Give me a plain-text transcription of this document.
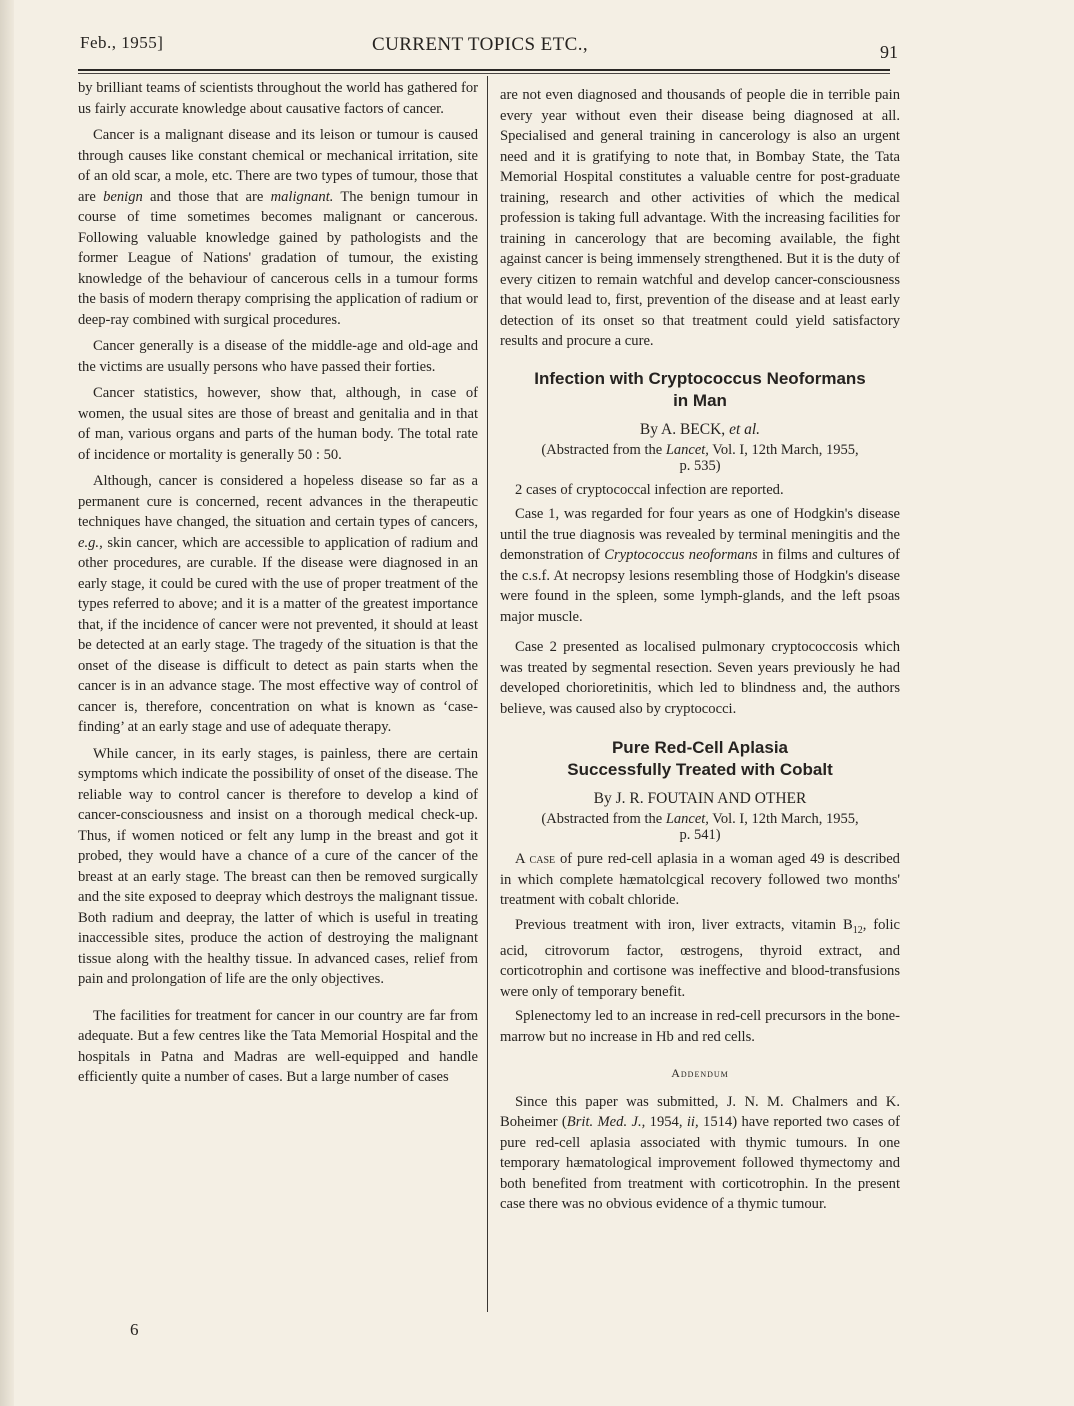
Feb., 1955]	CURRENT TOPICS ETC.,	91

by brilliant teams of scientists throughout the world has gathered for us fairly accurate knowledge about causative factors of cancer.

Cancer is a malignant disease and its leison or tumour is caused through causes like constant chemical or mechanical irritation, site of an old scar, a mole, etc. There are two types of tumour, those that are benign and those that are malignant. The benign tumour in course of time sometimes becomes malignant or cancerous. Following valuable knowledge gained by pathologists and the former League of Nations' gradation of tumour, the existing knowledge of the behaviour of cancerous cells in a tumour forms the basis of modern therapy comprising the application of radium or deep-ray combined with surgical procedures.

Cancer generally is a disease of the middle-age and old-age and the victims are usually persons who have passed their forties.

Cancer statistics, however, show that, although, in case of women, the usual sites are those of breast and genitalia and in that of man, various organs and parts of the human body. The total rate of incidence or mortality is generally 50 : 50.

Although, cancer is considered a hopeless disease so far as a permanent cure is concerned, recent advances in the therapeutic techniques have changed, the situation and certain types of cancers, e.g., skin cancer, which are accessible to application of radium and other procedures, are curable. If the disease were diagnosed in an early stage, it could be cured with the use of proper treatment of the types referred to above; and it is a matter of the greatest importance that, if the incidence of cancer were not prevented, it should at least be detected at an early stage. The tragedy of the situation is that the onset of the disease is difficult to detect as pain starts when the cancer is in an advance stage. The most effective way of control of cancer is, therefore, concentration on what is known as ‘case-finding’ at an early stage and use of adequate therapy.

While cancer, in its early stages, is painless, there are certain symptoms which indicate the possibility of onset of the disease. The reliable way to control cancer is therefore to develop a kind of cancer-consciousness and insist on a thorough medical check-up. Thus, if women noticed or felt any lump in the breast and got it probed, they would have a chance of a cure of the cancer of the breast at an early stage. The breast can then be removed surgically and the site exposed to deepray which destroys the malignant tissue. Both radium and deepray, the latter of which is useful in treating inaccessible sites, produce the action of destroying the malignant tissue along with the healthy tissue. In advanced cases, relief from pain and prolongation of life are the only objectives.

The facilities for treatment for cancer in our country are far from adequate. But a few centres like the Tata Memorial Hospital and the hospitals in Patna and Madras are well-equipped and handle efficiently quite a number of cases. But a large number of cases

are not even diagnosed and thousands of people die in terrible pain every year without even their disease being diagnosed at all. Specialised and general training in cancerology is also an urgent need and it is gratifying to note that, in Bombay State, the Tata Memorial Hospital constitutes a valuable centre for post-graduate training, research and other activities of which the medical profession is taking full advantage. With the increasing facilities for training in cancerology that are becoming available, the fight against cancer is being immensely strengthened. But it is the duty of every citizen to remain watchful and develop cancer-consciousness that would lead to, first, prevention of the disease and at least early detection of its onset so that treatment could yield satisfactory results and procure a cure.

Infection with Cryptococcus Neoformans
in Man
By A. BECK, et al.
(Abstracted from the Lancet, Vol. I, 12th March, 1955,
p. 535)

2 cases of cryptococcal infection are reported.

Case 1, was regarded for four years as one of Hodgkin's disease until the true diagnosis was revealed by terminal meningitis and the demonstration of Cryptococcus neoformans in films and cultures of the c.s.f. At necropsy lesions resembling those of Hodgkin's disease were found in the spleen, some lymph-glands, and the left psoas major muscle.

Case 2 presented as localised pulmonary cryptococcosis which was treated by segmental resection. Seven years previously he had developed chorioretinitis, which led to blindness and, the authors believe, was caused also by cryptococci.

Pure Red-Cell Aplasia
Successfully Treated with Cobalt
By J. R. FOUTAIN AND OTHER
(Abstracted from the Lancet, Vol. I, 12th March, 1955,
p. 541)

A case of pure red-cell aplasia in a woman aged 49 is described in which complete hæmatolcgical recovery followed two months' treatment with cobalt chloride.

Previous treatment with iron, liver extracts, vitamin $B_{12}$, folic acid, citrovorum factor, œstrogens, thyroid extract, and corticotrophin and cortisone was ineffective and blood-transfusions were only of temporary benefit.

Splenectomy led to an increase in red-cell precursors in the bone-marrow but no increase in Hb and red cells.

Addendum

Since this paper was submitted, J. N. M. Chalmers and K. Boheimer (Brit. Med. J., 1954, ii, 1514) have reported two cases of pure red-cell aplasia associated with thymic tumours. In one temporary hæmatological improvement followed thymectomy and both benefited from treatment with corticotrophin. In the present case there was no obvious evidence of a thymic tumour.

6
